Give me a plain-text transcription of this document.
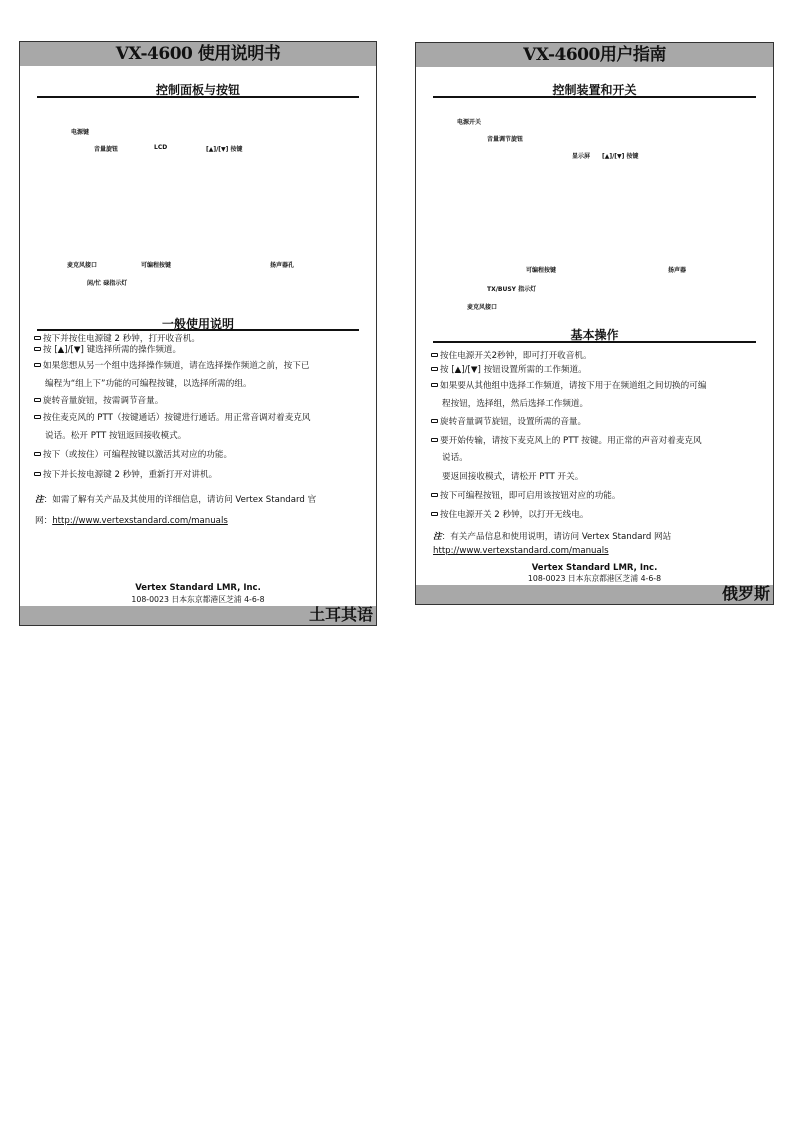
VX-4600 使用说明书
控制面板与按钮
电源键
音量旋钮	LCD	[▲]/[▼] 按键
麦克风接口	可编程按键	扬声器孔
闲/忙 碌指示灯
一般使用说明
按下并按住电源键 2 秒钟，打开收音机。
按 [▲]/[▼] 键选择所需的操作频道。
如果您想从另一个组中选择操作频道，请在选择操作频道之前，按下已
编程为“组上下”功能的可编程按键，以选择所需的组。
旋转音量旋钮，按需调节音量。
按住麦克风的 PTT（按键通话）按键进行通话。用正常音调对着麦克风
说话。松开 PTT 按钮返回接收模式。
按下（或按住）可编程按键以激活其对应的功能。
按下并长按电源键 2 秒钟，重新打开对讲机。
注：如需了解有关产品及其使用的详细信息，请访问 Vertex Standard 官
网：http://www.vertexstandard.com/manuals
Vertex Standard LMR, Inc.
108-0023 日本东京都港区芝浦 4-6-8
土耳其语
VX-4600用户指南
控制装置和开关
电源开关
音量调节旋钮
显示屏 [▲]/[▼] 按键
可编程按键	扬声器
TX/BUSY 指示灯
麦克风接口
基本操作
按住电源开关2秒钟，即可打开收音机。
按 [▲]/[▼] 按钮设置所需的工作频道。
如果要从其他组中选择工作频道，请按下用于在频道组之间切换的可编
程按钮，选择组，然后选择工作频道。
旋转音量调节旋钮，设置所需的音量。
要开始传输，请按下麦克风上的 PTT 按键。用正常的声音对着麦克风
说话。
要返回接收模式，请松开 PTT 开关。
按下可编程按钮，即可启用该按钮对应的功能。
按住电源开关 2 秒钟，以打开无线电。
注：有关产品信息和使用说明，请访问 Vertex Standard 网站
http://www.vertexstandard.com/manuals
Vertex Standard LMR, Inc.
108-0023 日本东京都港区芝浦 4-6-8
俄罗斯
